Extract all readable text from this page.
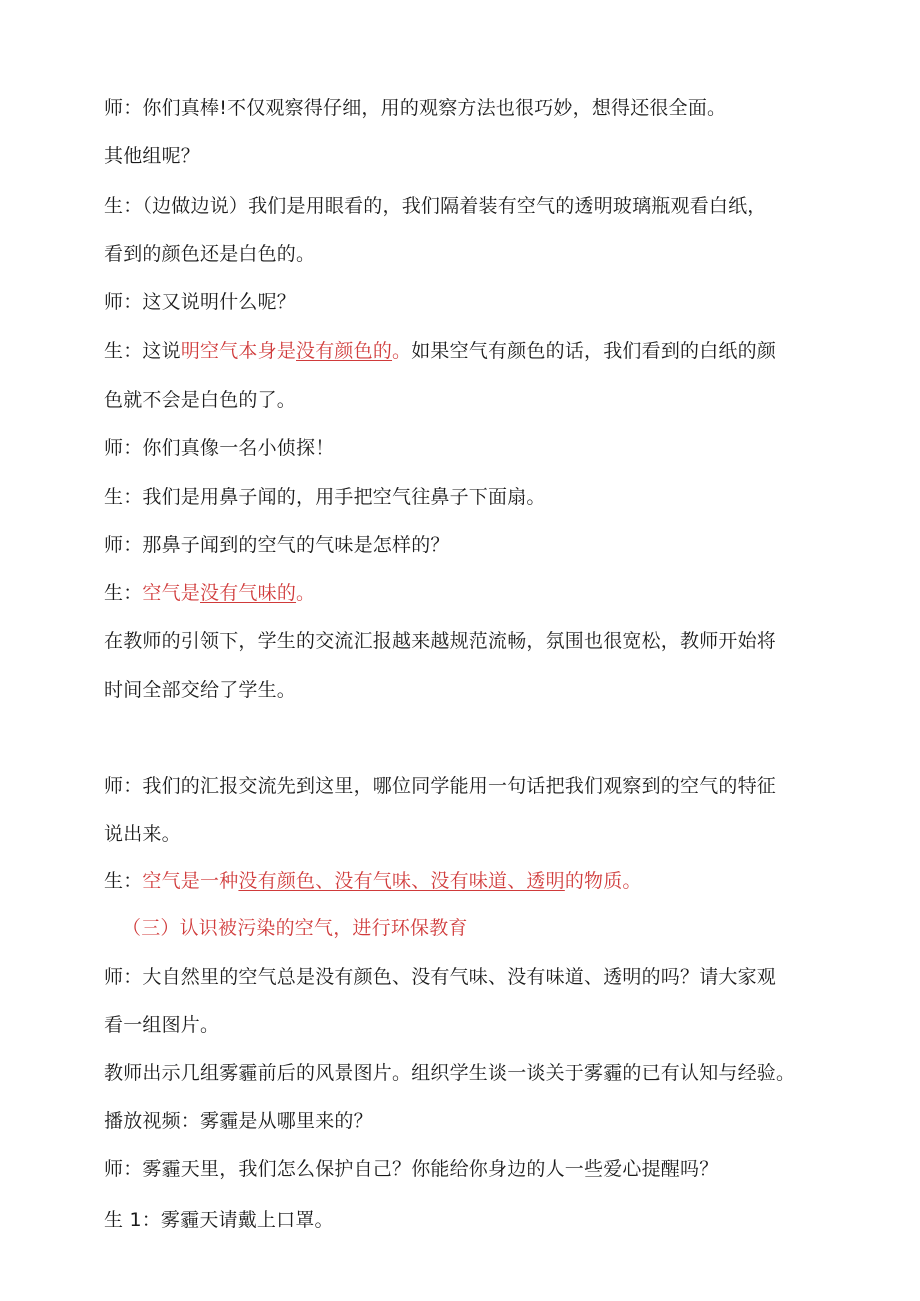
师：你们真棒!不仅观察得仔细，用的观察方法也很巧妙，想得还很全面。
其他组呢？
生：（边做边说）我们是用眼看的，我们隔着装有空气的透明玻璃瓶观看白纸，
看到的颜色还是白色的。
师：这又说明什么呢？
生：这说明空气本身是没有颜色的。如果空气有颜色的话，我们看到的白纸的颜
色就不会是白色的了。
师：你们真像一名小侦探！
生：我们是用鼻子闻的，用手把空气往鼻子下面扇。
师：那鼻子闻到的空气的气味是怎样的？
生：空气是没有气味的。
在教师的引领下，学生的交流汇报越来越规范流畅，氛围也很宽松，教师开始将
时间全部交给了学生。
师：我们的汇报交流先到这里，哪位同学能用一句话把我们观察到的空气的特征
说出来。
生：空气是一种没有颜色、没有气味、没有味道、透明的物质。
（三）认识被污染的空气，进行环保教育
师：大自然里的空气总是没有颜色、没有气味、没有味道、透明的吗？请大家观
看一组图片。
教师出示几组雾霾前后的风景图片。组织学生谈一谈关于雾霾的已有认知与经验。
播放视频：雾霾是从哪里来的？
师：雾霾天里，我们怎么保护自己？你能给你身边的人一些爱心提醒吗？
生 1：雾霾天请戴上口罩。
